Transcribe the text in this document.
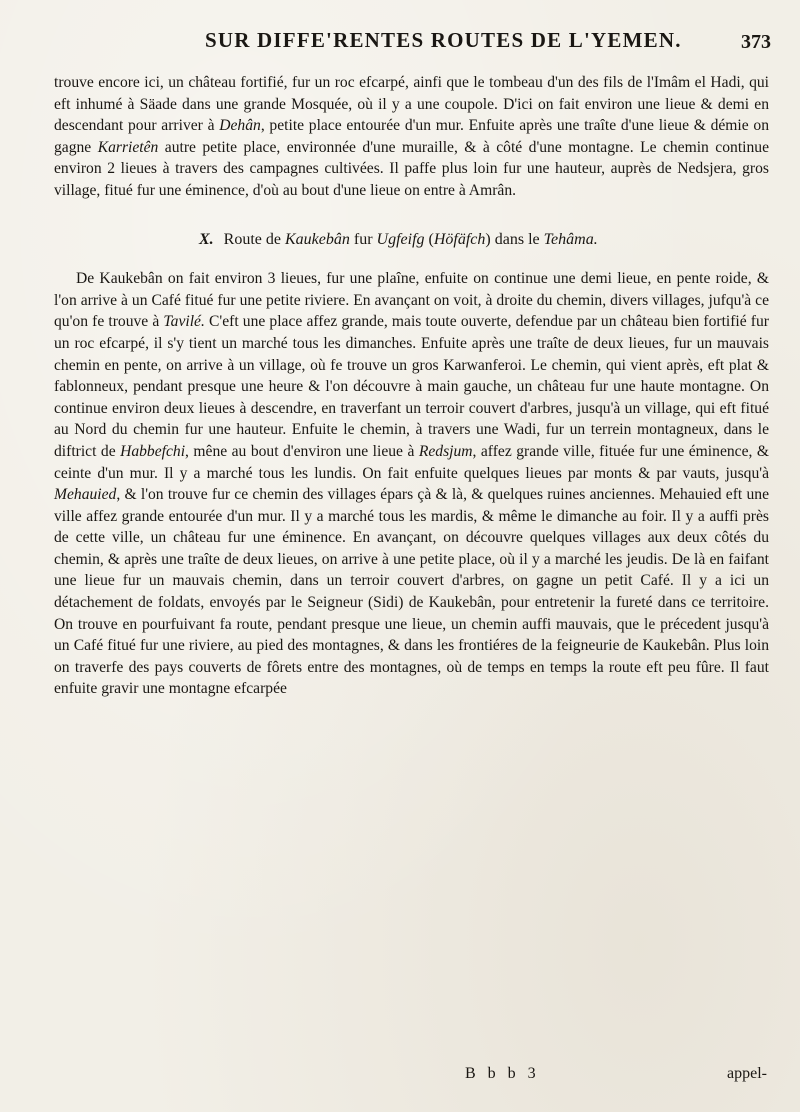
SUR DIFFE'RENTES ROUTES DE L'YEMEN.	373

trouve encore ici, un château fortifié, fur un roc efcarpé, ainfi que le tombeau d'un des fils de l'Imâm el Hadi, qui eft inhumé à Säade dans une grande Mosquée, où il y a une coupole. D'ici on fait environ une lieue & demi en descendant pour arriver à Dehân, petite place entourée d'un mur. Enfuite après une traîte d'une lieue & démie on gagne Karrietên autre petite place, environnée d'une muraille, & à côté d'une montagne. Le chemin continue environ 2 lieues à travers des campagnes cultivées. Il paffe plus loin fur une hauteur, auprès de Nedsjera, gros village, fitué fur une éminence, d'où au bout d'une lieue on entre à Amrân.

X. Route de Kaukebân fur Ugfeifg (Höfäfch) dans le Tehâma.

De Kaukebân on fait environ 3 lieues, fur une plaîne, enfuite on continue une demi lieue, en pente roide, & l'on arrive à un Café fitué fur une petite riviere. En avançant on voit, à droite du chemin, divers villages, jufqu'à ce qu'on fe trouve à Tavilé. C'eft une place affez grande, mais toute ouverte, defendue par un château bien fortifié fur un roc efcarpé, il s'y tient un marché tous les dimanches. Enfuite après une traîte de deux lieues, fur un mauvais chemin en pente, on arrive à un village, où fe trouve un gros Karwanferoi. Le chemin, qui vient après, eft plat & fablonneux, pendant presque une heure & l'on découvre à main gauche, un château fur une haute montagne. On continue environ deux lieues à descendre, en traverfant un terroir couvert d'arbres, jusqu'à un village, qui eft fitué au Nord du chemin fur une hauteur. Enfuite le chemin, à travers une Wadi, fur un terrein montagneux, dans le diftrict de Habbefchi, mêne au bout d'environ une lieue à Redsjum, affez grande ville, fituée fur une éminence, & ceinte d'un mur. Il y a marché tous les lundis. On fait enfuite quelques lieues par monts & par vauts, jusqu'à Mehauied, & l'on trouve fur ce chemin des villages épars çà & là, & quelques ruines anciennes. Mehauied eft une ville affez grande entourée d'un mur. Il y a marché tous les mardis, & même le dimanche au foir. Il y a auffi près de cette ville, un château fur une éminence. En avançant, on découvre quelques villages aux deux côtés du chemin, & après une traîte de deux lieues, on arrive à une petite place, où il y a marché les jeudis. De là en faifant une lieue fur un mauvais chemin, dans un terroir couvert d'arbres, on gagne un petit Café. Il y a ici un détachement de foldats, envoyés par le Seigneur (Sidi) de Kaukebân, pour entretenir la fureté dans ce territoire. On trouve en pourfuivant fa route, pendant presque une lieue, un chemin auffi mauvais, que le précedent jusqu'à un Café fitué fur une riviere, au pied des montagnes, & dans les frontiéres de la feigneurie de Kaukebân. Plus loin on traverfe des pays couverts de fôrets entre des montagnes, où de temps en temps la route eft peu fûre. Il faut enfuite gravir une montagne efcarpée

B b b 3	appel-
